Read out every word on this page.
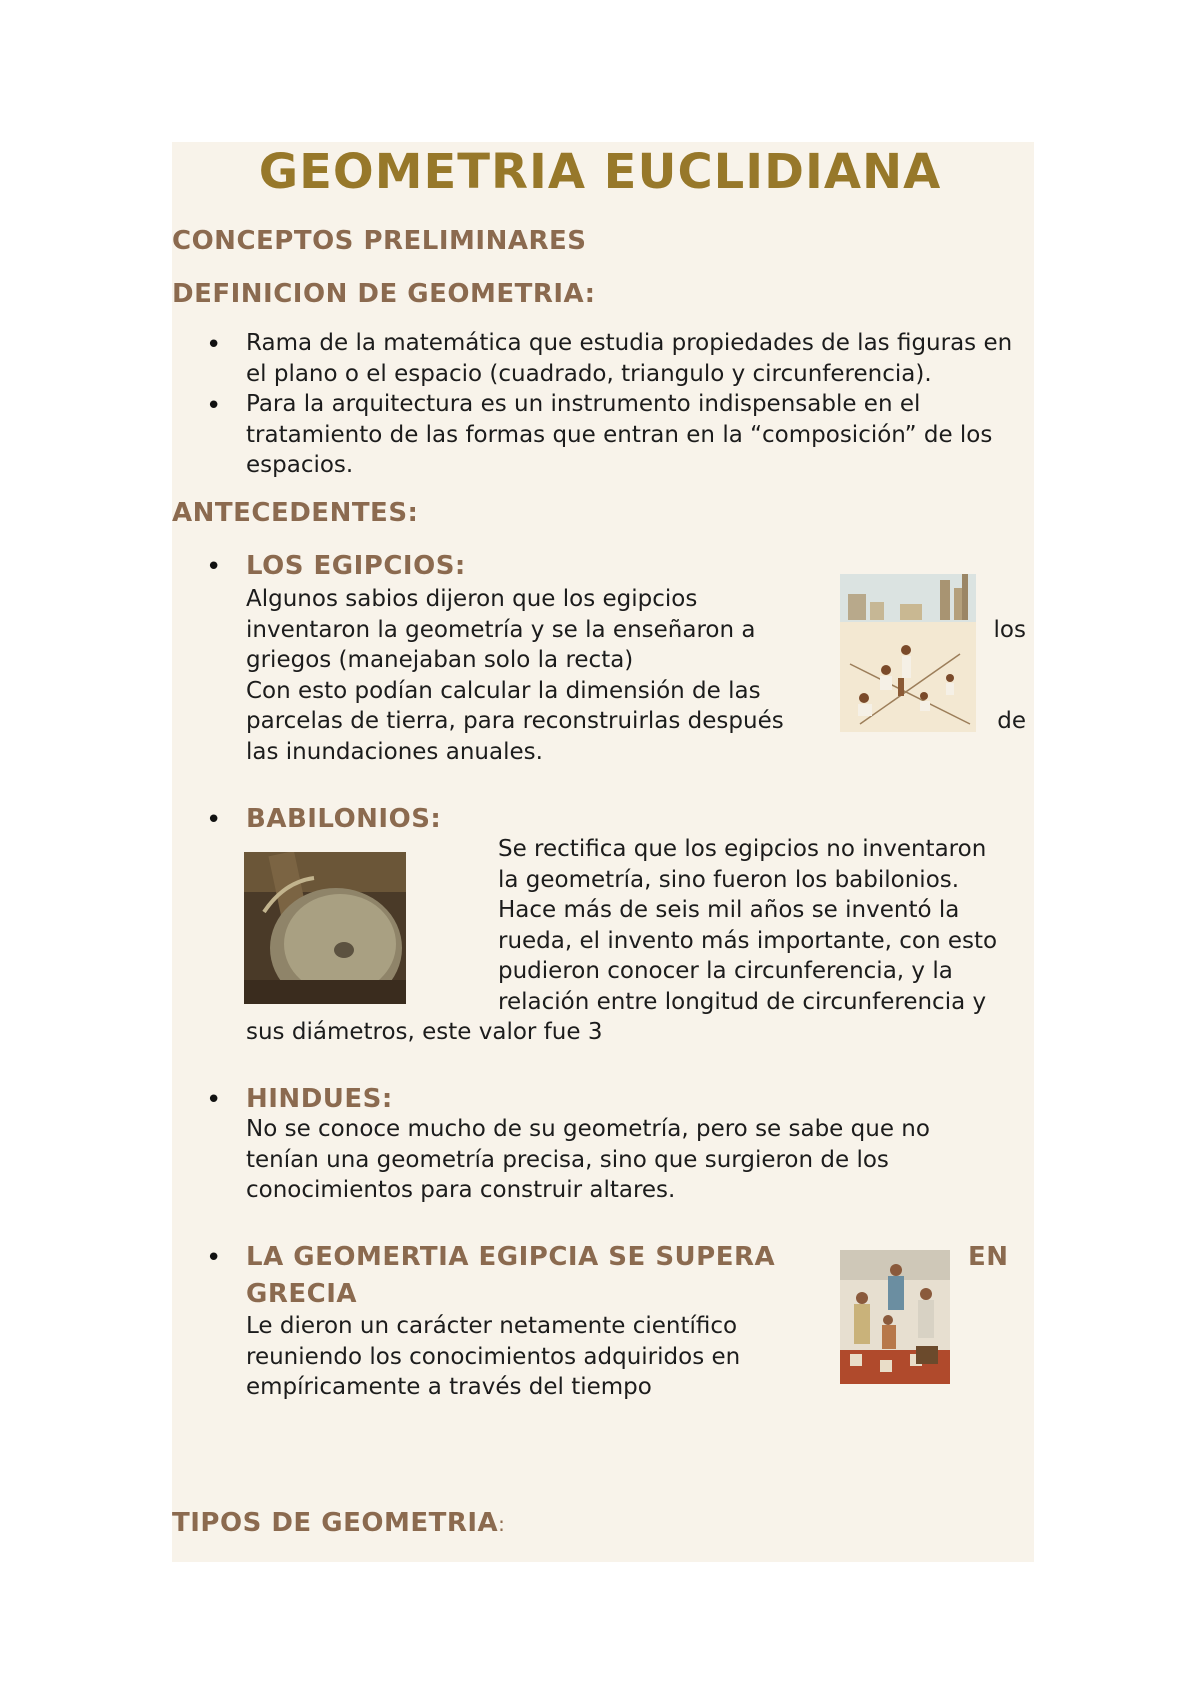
GEOMETRIA EUCLIDIANA
CONCEPTOS PRELIMINARES
DEFINICION DE GEOMETRIA:
• Rama de la matemática que estudia propiedades de las figuras en el plano o el espacio (cuadrado, triangulo y circunferencia).
• Para la arquitectura es un instrumento indispensable en el tratamiento de las formas que entran en la “composición” de los espacios.
ANTECEDENTES:
• LOS EGIPCIOS:
Algunos sabios dijeron que los egipcios
inventaron la geometría y se la enseñaron a	los
griegos (manejaban solo la recta)
Con esto podían calcular la dimensión de las
parcelas de tierra, para reconstruirlas después	de
las inundaciones anuales.
• BABILONIOS:
Se rectifica que los egipcios no inventaron
la geometría, sino fueron los babilonios.
Hace más de seis mil años se inventó la
rueda, el invento más importante, con esto
pudieron conocer la circunferencia, y la
relación entre longitud de circunferencia y
sus diámetros, este valor fue 3
• HINDUES:
No se conoce mucho de su geometría, pero se sabe que no tenían una geometría precisa, sino que surgieron de los conocimientos para construir altares.
• LA GEOMERTIA EGIPCIA SE SUPERA	EN
GRECIA
Le dieron un carácter netamente científico
reuniendo los conocimientos adquiridos en
empíricamente a través del tiempo
TIPOS DE GEOMETRIA:
